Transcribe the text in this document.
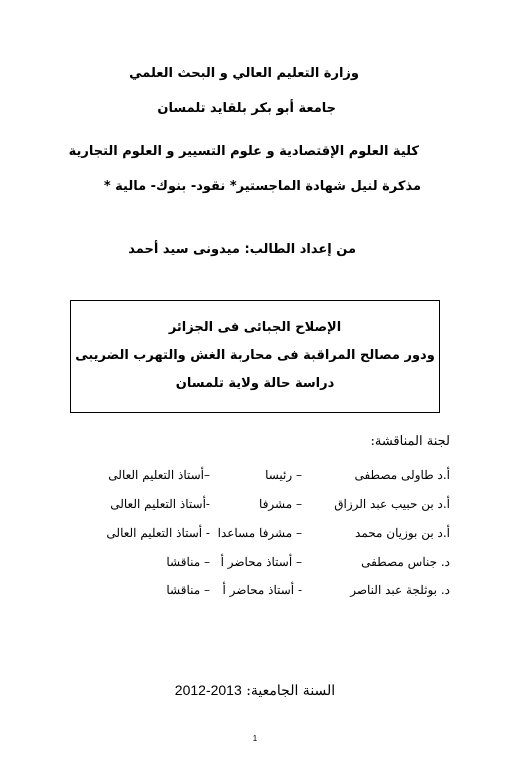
وزارة التعليم العالي و البحث العلمي
جامعة أبو بكر بلقايد تلمسان
كلية العلوم الإقتصادية و علوم التسيير و العلوم التجارية
مذكرة لنيل شهادة الماجستير* نقود- بنوك- مالية *
من إعداد الطالب: ميدونى سيد أحمد
الإصلاح الجبائى فى الجزائر
ودور مصالح المراقبة فى محاربة الغش والتهرب الضريبى
دراسة حالة ولاية تلمسان
لجنة المناقشة:
أ.د طاولى مصطفى
– رئيسا
–أستاذ التعليم العالى
أ.د بن حبيب عبد الرزاق
– مشرفا
-أستاذ التعليم العالى
أ.د بن بوزيان محمد
– مشرفا مساعدا
- أستاذ التعليم العالى
د. جناس مصطفى
– أستاذ محاضر أ
– مناقشا
د. بوثلجة عبد الناصر
- أستاذ محاضر أ
– مناقشا
السنة الجامعية: 2012-2013
1
